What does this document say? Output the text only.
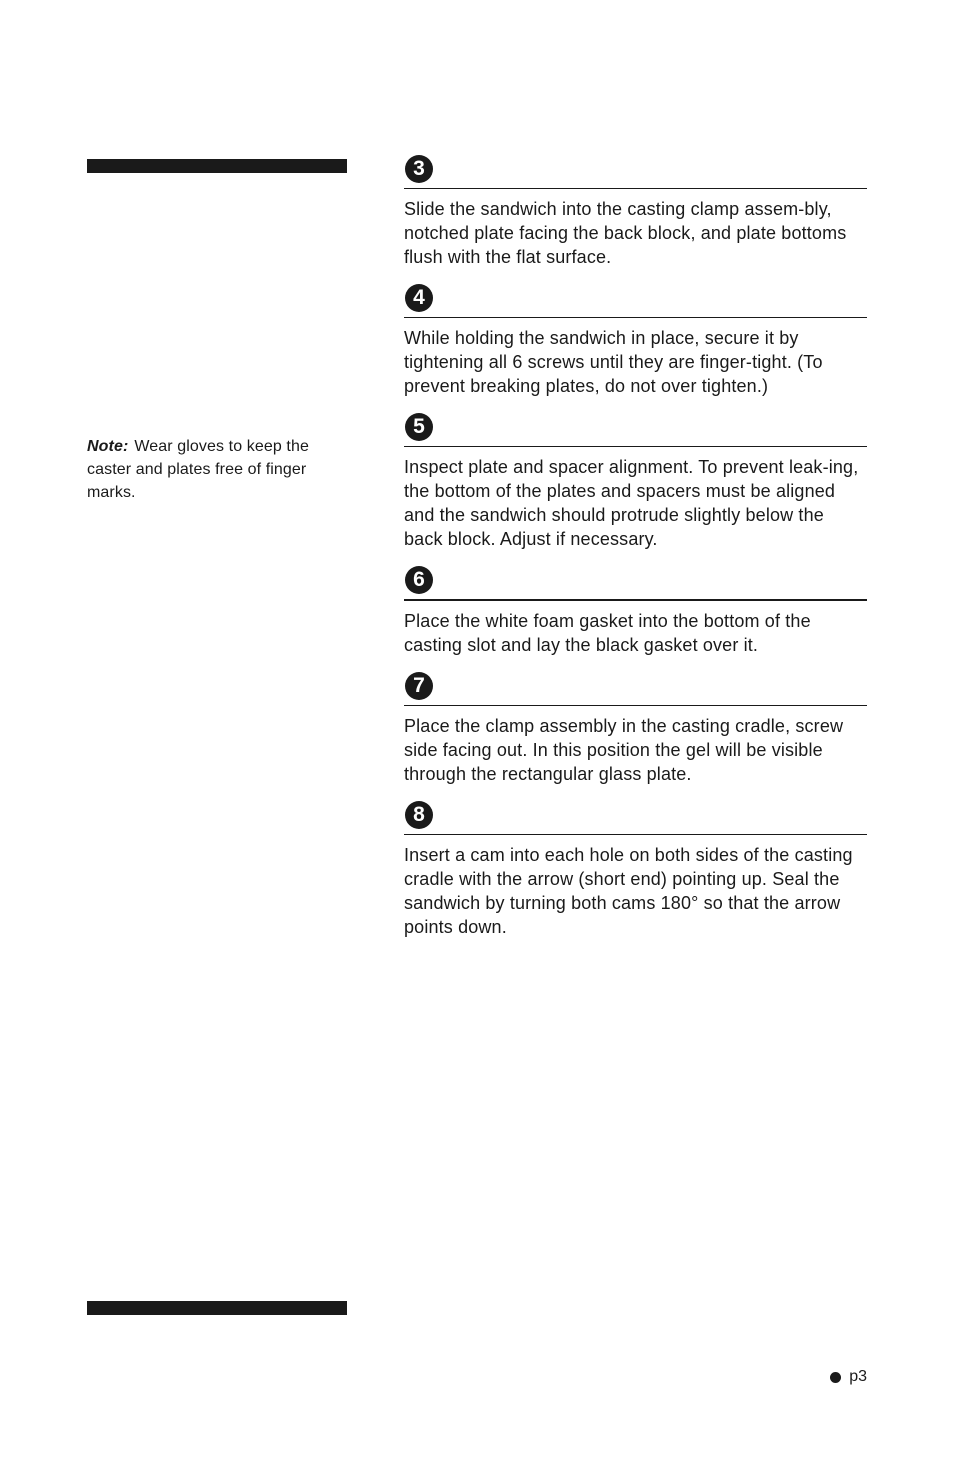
Note: Wear gloves to keep the caster and plates free of finger marks.
3

Slide the sandwich into the casting clamp assem-bly, notched plate facing the back block, and plate bottoms flush with the flat surface.

4

While holding the sandwich in place, secure it by tightening all 6 screws until they are finger-tight. (To prevent breaking plates, do not over tighten.)

5

Inspect plate and spacer alignment. To prevent leak-ing, the bottom of the plates and spacers must be aligned and the sandwich should protrude slightly below the back block. Adjust if necessary.

6

Place the white foam gasket into the bottom of the casting slot and lay the black gasket over it.

7

Place the clamp assembly in the casting cradle, screw side facing out. In this position the gel will be visible through the rectangular glass plate.

8

Insert a cam into each hole on both sides of the casting cradle with the arrow (short end) pointing up. Seal the sandwich by turning both cams 180° so that the arrow points down.

p3
